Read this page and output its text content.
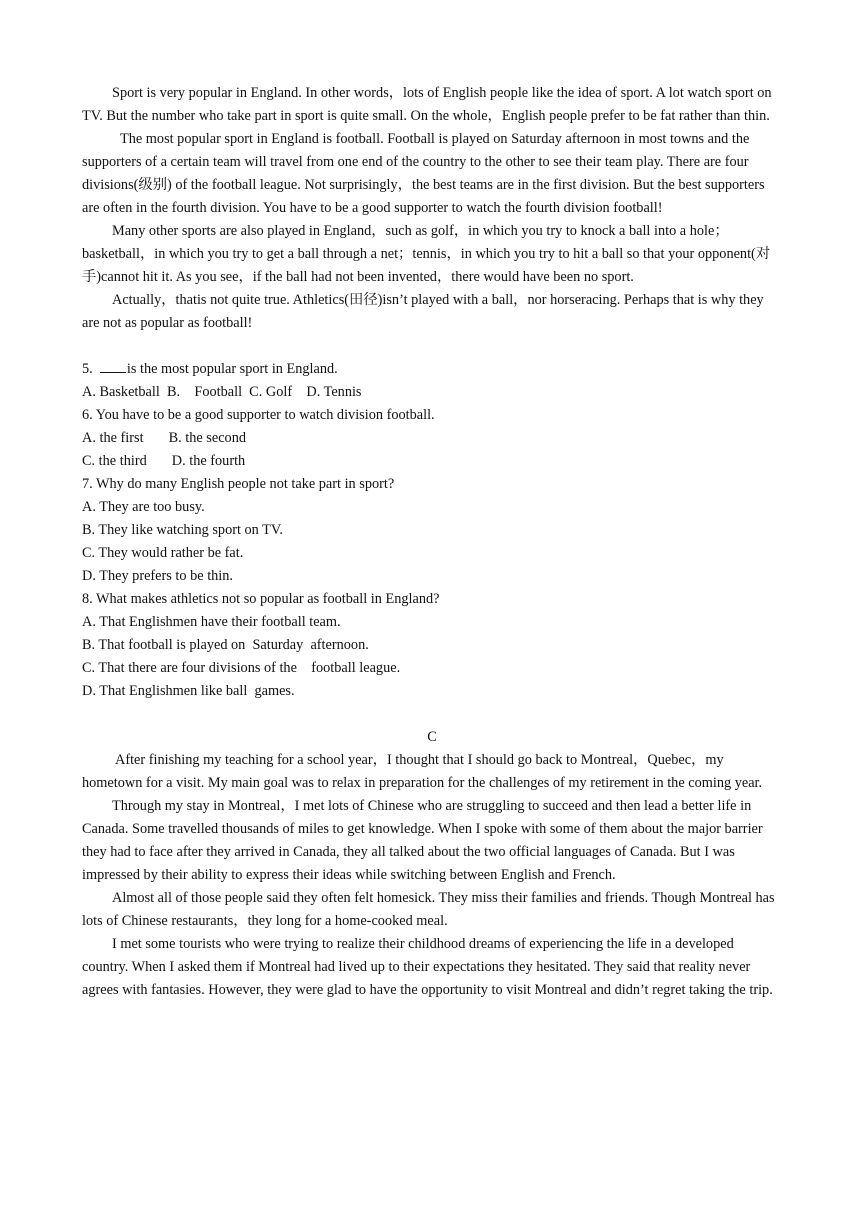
Sport is very popular in England. In other words，lots of English people like the idea of sport. A lot watch sport on TV. But the number who take part in sport is quite small. On the whole，English people prefer to be fat rather than thin.

The most popular sport in England is football. Football is played on Saturday afternoon in most towns and the supporters of a certain team will travel from one end of the country to the other to see their team play. There are four divisions(级别) of the football league. Not surprisingly，the best teams are in the first division. But the best supporters are often in the fourth division. You have to be a good supporter to watch the fourth division football!

Many other sports are also played in England，such as golf，in which you try to knock a ball into a hole；basketball，in which you try to get a ball through a net；tennis，in which you try to hit a ball so that your opponent(对手)cannot hit it. As you see，if the ball had not been invented，there would have been no sport.

Actually，thatis not quite true. Athletics(田径)isn’t played with a ball，nor horseracing. Perhaps that is why they are not as popular as football!

5.  is the most popular sport in England.

A. Basketball  B.    Football  C. Golf    D. Tennis

6. You have to be a good supporter to watch division football.

A. the first       B. the second

C. the third       D. the fourth

7. Why do many English people not take part in sport?

A. They are too busy.

B. They like watching sport on TV.

C. They would rather be fat.

D. They prefers to be thin.

8. What makes athletics not so popular as football in England?

A. That Englishmen have their football team.

B. That football is played on  Saturday  afternoon.

C. That there are four divisions of the    football league.

D. That Englishmen like ball  games.

C

After finishing my teaching for a school year，I thought that I should go back to Montreal，Quebec，my hometown for a visit. My main goal was to relax in preparation for the challenges of my retirement in the coming year.

Through my stay in Montreal，I met lots of Chinese who are struggling to succeed and then lead a better life in Canada. Some travelled thousands of miles to get knowledge. When I spoke with some of them about the major barrier they had to face after they arrived in Canada, they all talked about the two official languages of Canada. But I was impressed by their ability to express their ideas while switching between English and French.

Almost all of those people said they often felt homesick. They miss their families and friends. Though Montreal has lots of Chinese restaurants，they long for a home-cooked meal.

I met some tourists who were trying to realize their childhood dreams of experiencing the life in a developed country. When I asked them if Montreal had lived up to their expectations they hesitated. They said that reality never agrees with fantasies. However, they were glad to have the opportunity to visit Montreal and didn’t regret taking the trip.
